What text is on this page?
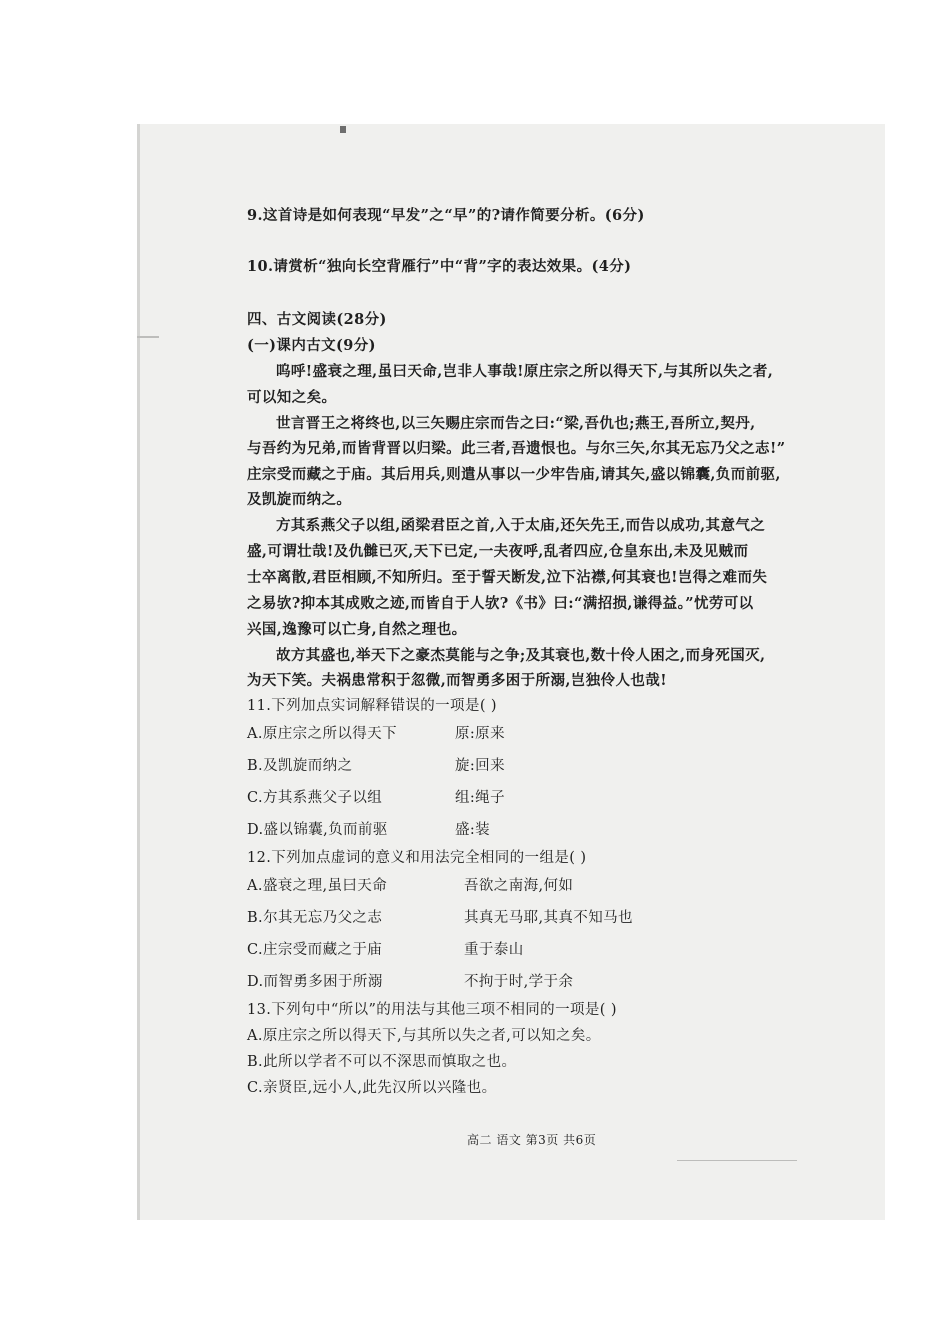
9.这首诗是如何表现“早发”之“早”的?请作简要分析。(6分)
10.请赏析“独向长空背雁行”中“背”字的表达效果。(4分)
四、古文阅读(28分)
(一)课内古文(9分)
呜呼!盛衰之理,虽曰天命,岂非人事哉!原庄宗之所以得天下,与其所以失之者,
可以知之矣。
世言晋王之将终也,以三矢赐庄宗而告之曰:“梁,吾仇也;燕王,吾所立,契丹,
与吾约为兄弟,而皆背晋以归梁。此三者,吾遗恨也。与尔三矢,尔其无忘乃父之志!”
庄宗受而藏之于庙。其后用兵,则遣从事以一少牢告庙,请其矢,盛以锦囊,负而前驱,
及凯旋而纳之。
方其系燕父子以组,函梁君臣之首,入于太庙,还矢先王,而告以成功,其意气之
盛,可谓壮哉!及仇雠已灭,天下已定,一夫夜呼,乱者四应,仓皇东出,未及见贼而
士卒离散,君臣相顾,不知所归。至于誓天断发,泣下沾襟,何其衰也!岂得之难而失
之易欤?抑本其成败之迹,而皆自于人欤?《书》曰:“满招损,谦得益。”忧劳可以
兴国,逸豫可以亡身,自然之理也。
故方其盛也,举天下之豪杰莫能与之争;及其衰也,数十伶人困之,而身死国灭,
为天下笑。夫祸患常积于忽微,而智勇多困于所溺,岂独伶人也哉!
11.下列加点实词解释错误的一项是( )
A.原庄宗之所以得天下	原:原来
B.及凯旋而纳之	旋:回来
C.方其系燕父子以组	组:绳子
D.盛以锦囊,负而前驱	盛:装
12.下列加点虚词的意义和用法完全相同的一组是( )
A.盛衰之理,虽曰天命	吾欲之南海,何如
B.尔其无忘乃父之志	其真无马耶,其真不知马也
C.庄宗受而藏之于庙	重于泰山
D.而智勇多困于所溺	不拘于时,学于余
13.下列句中“所以”的用法与其他三项不相同的一项是( )
A.原庄宗之所以得天下,与其所以失之者,可以知之矣。
B.此所以学者不可以不深思而慎取之也。
C.亲贤臣,远小人,此先汉所以兴隆也。
高二 语文 第3页 共6页
